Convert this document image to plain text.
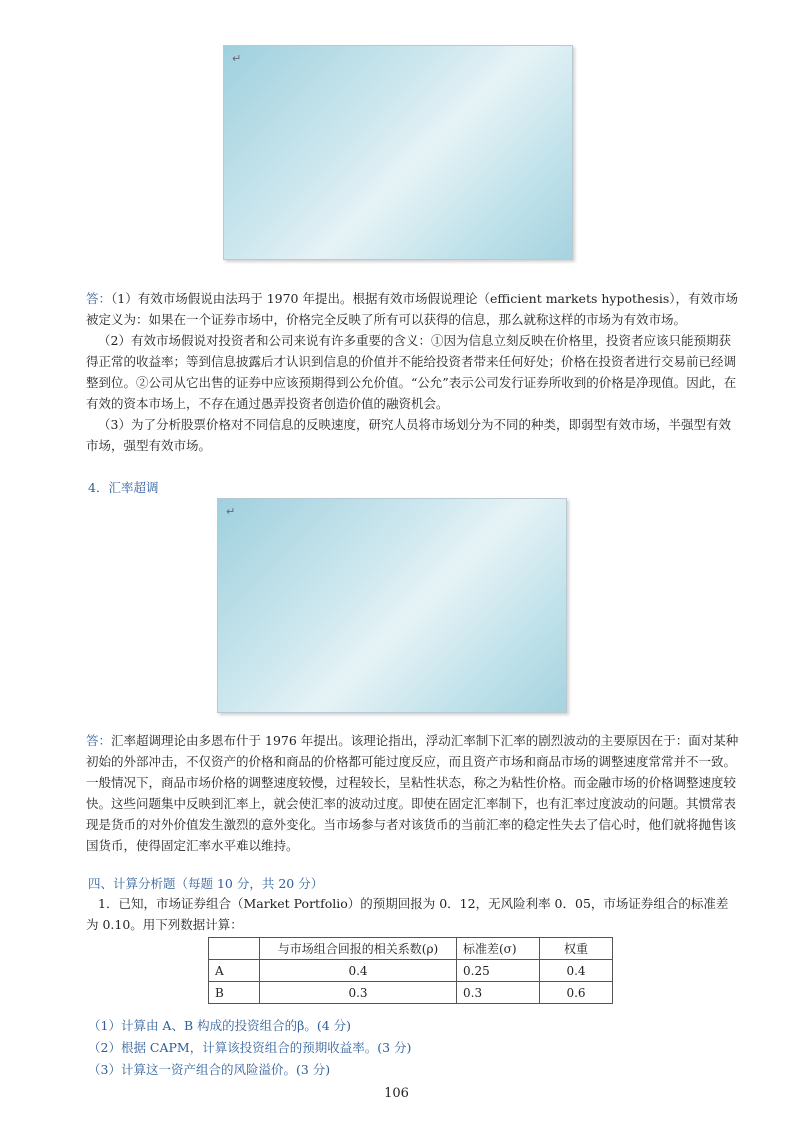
↵

答：（1）有效市场假说由法玛于 1970 年提出。根据有效市场假说理论（efficient markets hypothesis），有效市场被定义为：如果在一个证券市场中，价格完全反映了所有可以获得的信息，那么就称这样的市场为有效市场。

（2）有效市场假说对投资者和公司来说有许多重要的含义：①因为信息立刻反映在价格里，投资者应该只能预期获得正常的收益率；等到信息披露后才认识到信息的价值并不能给投资者带来任何好处；价格在投资者进行交易前已经调整到位。②公司从它出售的证券中应该预期得到公允价值。“公允”表示公司发行证券所收到的价格是净现值。因此，在有效的资本市场上，不存在通过愚弄投资者创造价值的融资机会。

（3）为了分析股票价格对不同信息的反映速度，研究人员将市场划分为不同的种类，即弱型有效市场，半强型有效市场，强型有效市场。

4．汇率超调

↵

答：汇率超调理论由多恩布什于 1976 年提出。该理论指出，浮动汇率制下汇率的剧烈波动的主要原因在于：面对某种初始的外部冲击，不仅资产的价格和商品的价格都可能过度反应，而且资产市场和商品市场的调整速度常常并不一致。一般情况下，商品市场价格的调整速度较慢，过程较长，呈粘性状态，称之为粘性价格。而金融市场的价格调整速度较快。这些问题集中反映到汇率上，就会使汇率的波动过度。即使在固定汇率制下，也有汇率过度波动的问题。其惯常表现是货币的对外价值发生激烈的意外变化。当市场参与者对该货币的当前汇率的稳定性失去了信心时，他们就将抛售该国货币，使得固定汇率水平难以维持。

四、计算分析题（每题 10 分，共 20 分）

1．已知，市场证券组合（Market Portfolio）的预期回报为 0．12，无风险利率 0．05，市场证券组合的标准差为 0.10。用下列数据计算：

	与市场组合回报的相关系数(ρ)	标准差(σ)	权重
A	0.4	0.25	0.4
B	0.3	0.3	0.6

（1）计算由 A、B 构成的投资组合的β。(4 分)

（2）根据 CAPM，计算该投资组合的预期收益率。(3 分)

（3）计算这一资产组合的风险溢价。(3 分)

106
